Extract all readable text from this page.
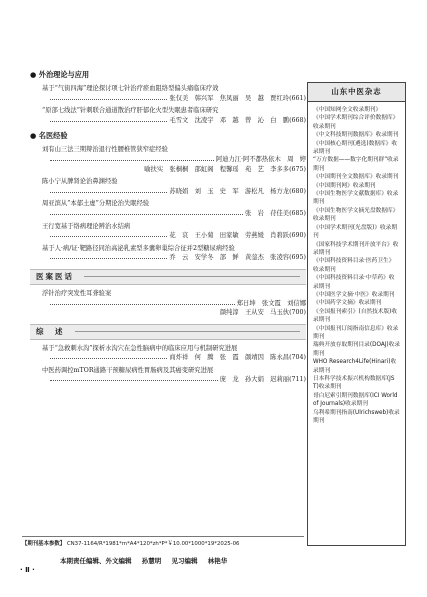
● 外治理论与应用
基于“气街四海”理论探讨项七针治疗瘀血阻络型偏头痛临床疗效
张仅美　韩兴军　焦凤丽　吴　越　贾红玲 (661)
“原部七线法”针刺联合通道散治疗肝郁化火型失眠患者临床研究
毛雪文　沈凌宇　邓　越　曾　沁　白　鹏 (668)
● 名医经验
刘有山三法三期辩治退行性腰椎管狭窄症经验
阿迪力江·阿不都热依木　周　婷
喻扶实　张桐桐　邵虹阁　程馨瑶　苑　艺　李多多 (675)
陈小宁从脾肾论治鼻渊经验
苏晓娟　刘　玉　史　军　游松凡　杨方龙 (680)
周亚滨从“本郁土虚”分期论治失眠经验
张　岩　苻佳美 (685)
王行宽基于络病理论辨治水结病
花　哀　王小菊　田家敏　劳燕媛　肖碧跃 (690)
基于人·病/证·靶路径同治高泌乳素型多囊卵巢综合征并2型糖尿病经验
乔　云　安学冬　部　鲜　黄蓥杰　张凌容 (695)
医案医话
浮针治疗突发性耳聋验案
郑日坤　张文霞　刘信娜
颜纯淳　王从安　马玉伙 (700)
综　述
基于“急救刺水沟”探析水沟穴在急性脑病中的临床应用与机制研究进展
商炸祥　何　腾　张　霞　颜靖因　陈永昌 (704)
中医药调控mTOR通路干预糖尿病性胃肠病及其癌变研究进展
庞　龙　孙大娟　迟莉丽 (711)
山东中医杂志
《中国知网全文收录期刊》
《中国学术期刊综合评价数据库》收录期刊
《中文科技期刊数据库》收录期刊
《中国核心期刊(遴选)数据库》收录期刊
“万方数据——数字化期刊群”收录期刊
《中国期刊全文数据库》收录期刊
《中国期刊网》收录期刊
《中国生物医学文献数据库》收录期刊
《中国生物医学文摘光盘数据库》收录期刊
《中国学术期刊(光盘版)》收录期刊
《国家科技学术期刊开放平台》收录期刊
《中国科技资料目录·医药卫生》收录期刊
《中国科技资料目录·中草药》收录期刊
《中国医学文摘·中医》收录期刊
《中国药学文摘》收录期刊
《全国报刊索引》(自然技术版)收录期刊
《中国报刊订阅指南信息库》收录期刊
瑞典开放存取期刊目录(DOAJ)收录期刊
WHO Research4Life(Hinari)收录期刊
日本科学技术振兴机构数据库(JST)收录期刊
哥白尼索引期刊数据库(ICI World of Journals)收录期刊
乌利希期刊指南(Ulrichsweb)收录期刊
【期刊基本参数】 CN37-1164/R*1981*m*A4*120*zh*P*￥10.00*1000*19*2025-06
本期责任编辑、外文编辑 孙慧明 见习编辑 林艳华
· Ⅱ ·
